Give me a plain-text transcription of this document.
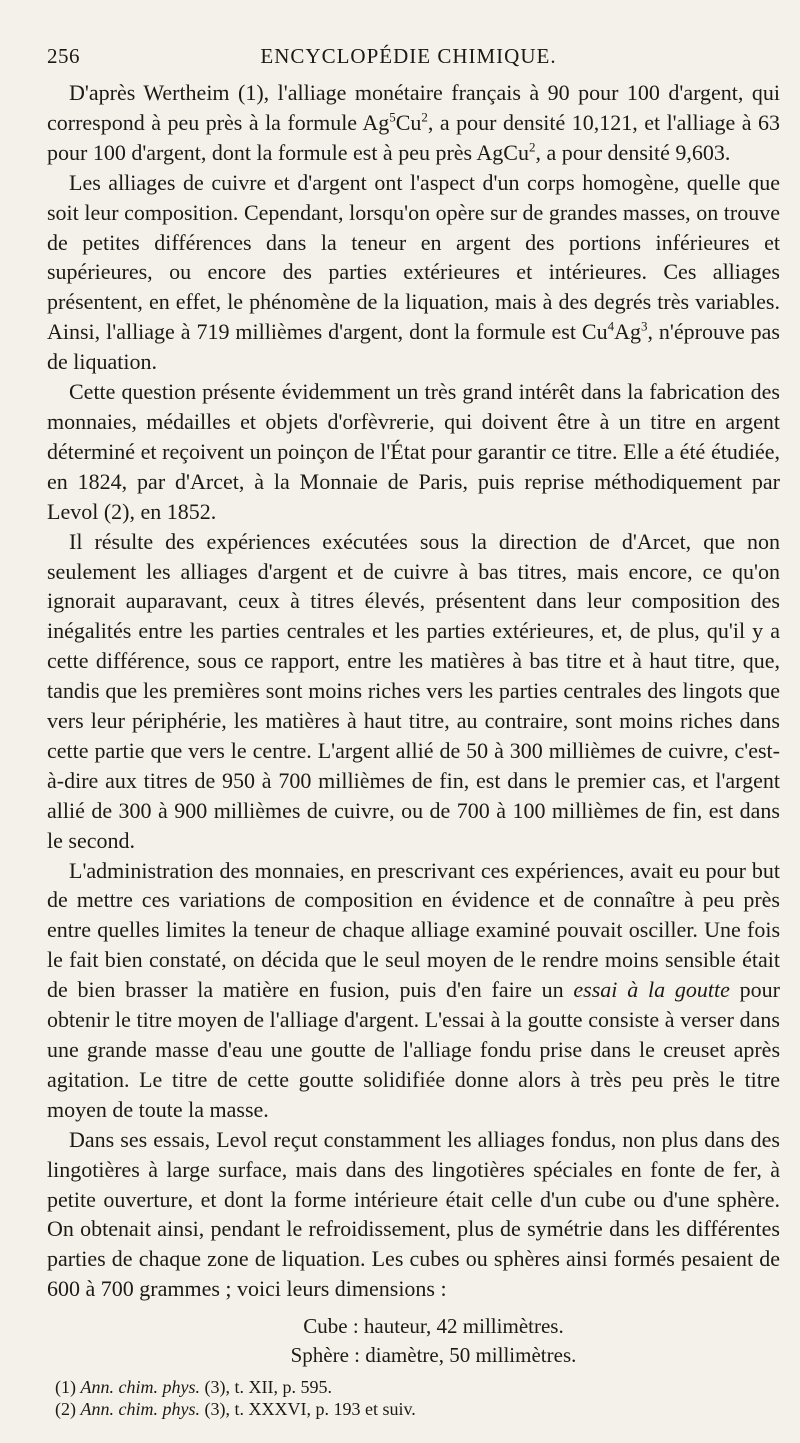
256	ENCYCLOPÉDIE CHIMIQUE.

D'après Wertheim (1), l'alliage monétaire français à 90 pour 100 d'argent, qui correspond à peu près à la formule Ag$^5$Cu$^2$, a pour densité 10,121, et l'alliage à 63 pour 100 d'argent, dont la formule est à peu près AgCu$^2$, a pour densité 9,603.

Les alliages de cuivre et d'argent ont l'aspect d'un corps homogène, quelle que soit leur composition. Cependant, lorsqu'on opère sur de grandes masses, on trouve de petites différences dans la teneur en argent des portions inférieures et supérieures, ou encore des parties extérieures et intérieures. Ces alliages présentent, en effet, le phénomène de la liquation, mais à des degrés très variables. Ainsi, l'alliage à 719 millièmes d'argent, dont la formule est Cu$^4$Ag$^3$, n'éprouve pas de liquation.

Cette question présente évidemment un très grand intérêt dans la fabrication des monnaies, médailles et objets d'orfèvrerie, qui doivent être à un titre en argent déterminé et reçoivent un poinçon de l'État pour garantir ce titre. Elle a été étudiée, en 1824, par d'Arcet, à la Monnaie de Paris, puis reprise méthodiquement par Levol (2), en 1852.

Il résulte des expériences exécutées sous la direction de d'Arcet, que non seulement les alliages d'argent et de cuivre à bas titres, mais encore, ce qu'on ignorait auparavant, ceux à titres élevés, présentent dans leur composition des inégalités entre les parties centrales et les parties extérieures, et, de plus, qu'il y a cette différence, sous ce rapport, entre les matières à bas titre et à haut titre, que, tandis que les premières sont moins riches vers les parties centrales des lingots que vers leur périphérie, les matières à haut titre, au contraire, sont moins riches dans cette partie que vers le centre. L'argent allié de 50 à 300 millièmes de cuivre, c'est-à-dire aux titres de 950 à 700 millièmes de fin, est dans le premier cas, et l'argent allié de 300 à 900 millièmes de cuivre, ou de 700 à 100 millièmes de fin, est dans le second.

L'administration des monnaies, en prescrivant ces expériences, avait eu pour but de mettre ces variations de composition en évidence et de connaître à peu près entre quelles limites la teneur de chaque alliage examiné pouvait osciller. Une fois le fait bien constaté, on décida que le seul moyen de le rendre moins sensible était de bien brasser la matière en fusion, puis d'en faire un essai à la goutte pour obtenir le titre moyen de l'alliage d'argent. L'essai à la goutte consiste à verser dans une grande masse d'eau une goutte de l'alliage fondu prise dans le creuset après agitation. Le titre de cette goutte solidifiée donne alors à très peu près le titre moyen de toute la masse.

Dans ses essais, Levol reçut constamment les alliages fondus, non plus dans des lingotières à large surface, mais dans des lingotières spéciales en fonte de fer, à petite ouverture, et dont la forme intérieure était celle d'un cube ou d'une sphère. On obtenait ainsi, pendant le refroidissement, plus de symétrie dans les différentes parties de chaque zone de liquation. Les cubes ou sphères ainsi formés pesaient de 600 à 700 grammes ; voici leurs dimensions :

Cube : hauteur, 42 millimètres.
Sphère : diamètre, 50 millimètres.
(1) Ann. chim. phys. (3), t. XII, p. 595.
(2) Ann. chim. phys. (3), t. XXXVI, p. 193 et suiv.
